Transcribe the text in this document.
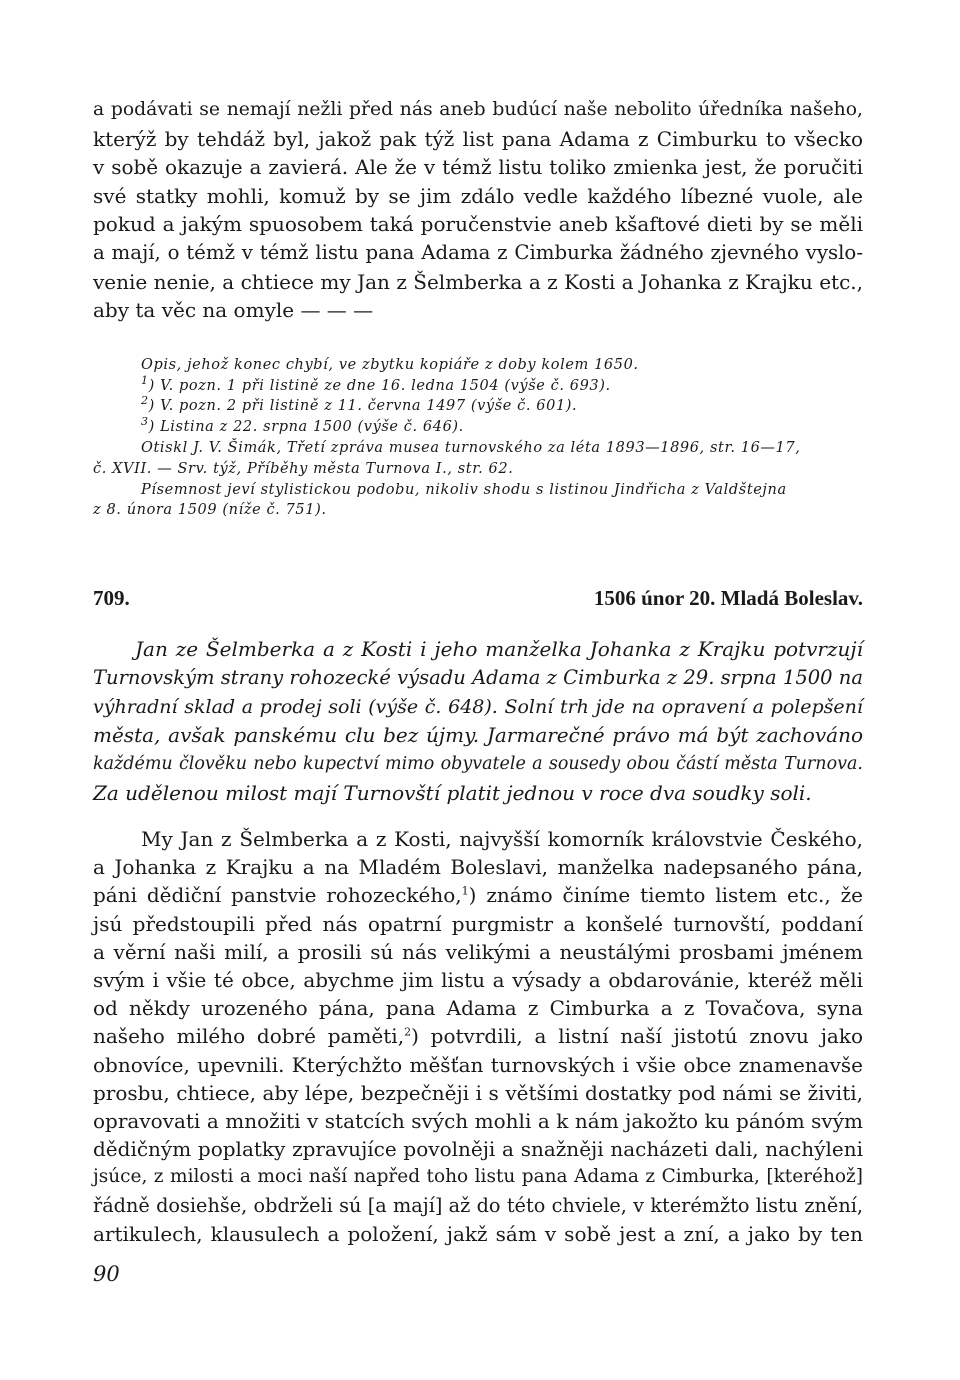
a podávati se nemají nežli před nás aneb budúcí naše nebolito úředníka našeho,
kterýž by tehdáž byl, jakož pak týž list pana Adama z Cimburku to všecko
v sobě okazuje a zavierá. Ale že v témž listu toliko zmienka jest, že poručiti
své statky mohli, komuž by se jim zdálo vedle každého líbezné vuole, ale
pokud a jakým spuosobem taká poručenstvie aneb kšaftové dieti by se měli
a mají, o témž v témž listu pana Adama z Cimburka žádného zjevného vyslo-
venie nenie, a chtiece my Jan z Šelmberka a z Kosti a Johanka z Krajku etc.,
aby ta věc na omyle — — —
Opis, jehož konec chybí, ve zbytku kopiáře z doby kolem 1650.
$^1$) V. pozn. 1 při listině ze dne 16. ledna 1504 (výše č. 693).
$^2$) V. pozn. 2 při listině z 11. června 1497 (výše č. 601).
$^3$) Listina z 22. srpna 1500 (výše č. 646).
Otiskl J. V. Šimák, Třetí zpráva musea turnovského za léta 1893—1896, str. 16—17,
č. XVII. — Srv. týž, Příběhy města Turnova I., str. 62.
Písemnost jeví stylistickou podobu, nikoliv shodu s listinou Jindřicha z Valdštejna
z 8. února 1509 (níže č. 751).
709.	1506 únor 20. Mladá Boleslav.
Jan ze Šelmberka a z Kosti i jeho manželka Johanka z Krajku potvrzují
Turnovským strany rohozecké výsadu Adama z Cimburka z 29. srpna 1500 na
výhradní sklad a prodej soli (výše č. 648). Solní trh jde na opravení a polepšení
města, avšak panskému clu bez újmy. Jarmarečné právo má být zachováno
každému člověku nebo kupectví mimo obyvatele a sousedy obou částí města Turnova.
Za udělenou milost mají Turnovští platit jednou v roce dva soudky soli.
My Jan z Šelmberka a z Kosti, najvyšší komorník královstvie Českého,
a Johanka z Krajku a na Mladém Boleslavi, manželka nadepsaného pána,
páni dědiční panstvie rohozeckého,$^1$) známo činíme tiemto listem etc., že
jsú předstoupili před nás opatrní purgmistr a konšelé turnovští, poddaní
a věrní naši milí, a prosili sú nás velikými a neustálými prosbami jménem
svým i všie té obce, abychme jim listu a výsady a obdarovánie, kteréž měli
od někdy urozeného pána, pana Adama z Cimburka a z Tovačova, syna
našeho milého dobré paměti,$^2$) potvrdili, a listní naší jistotú znovu jako
obnovíce, upevnili. Kterýchžto měšťan turnovských i všie obce znamenavše
prosbu, chtiece, aby lépe, bezpečněji i s většími dostatky pod námi se živiti,
opravovati a množiti v statcích svých mohli a k nám jakožto ku pánóm svým
dědičným poplatky zpravujíce povolněji a snažněji nacházeti dali, nachýleni
jsúce, z milosti a moci naší napřed toho listu pana Adama z Cimburka, [kteréhož]
řádně dosiehše, obdrželi sú [a mají] až do této chviele, v kterémžto listu znění,
artikulech, klausulech a položení, jakž sám v sobě jest a zní, a jako by ten
90
